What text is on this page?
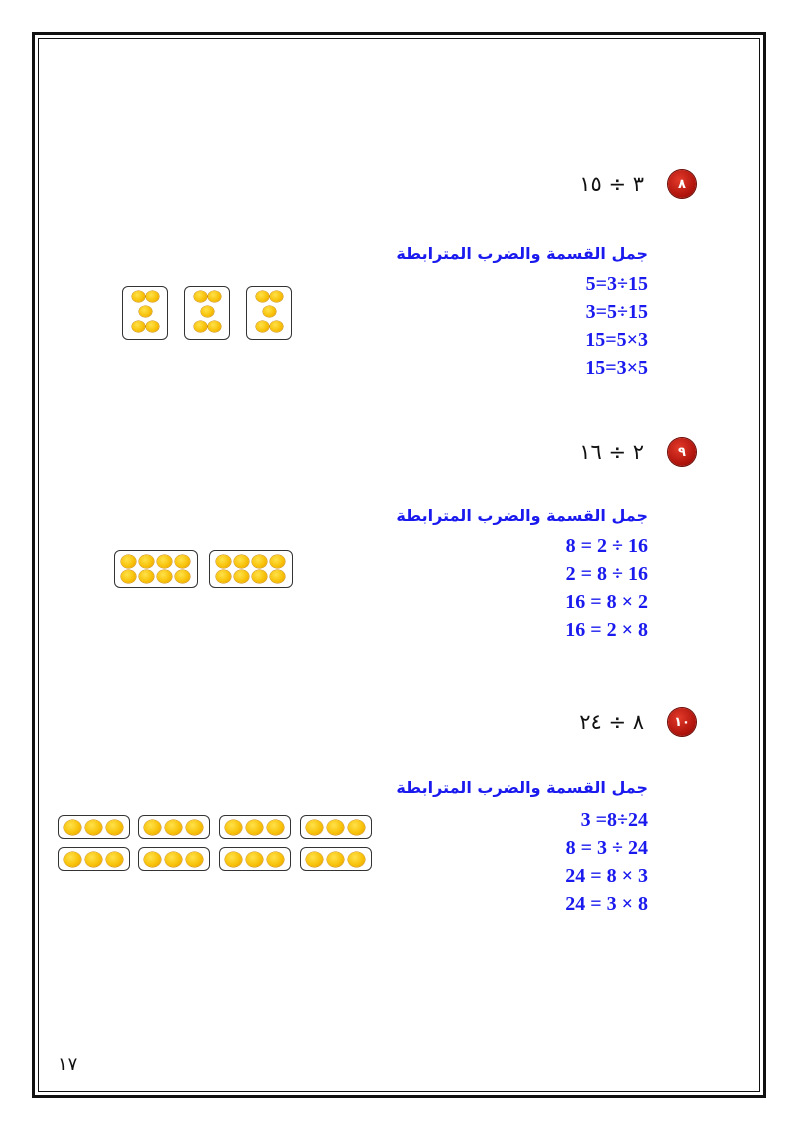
٨
٣ ÷ ١٥
جمل القسمة والضرب المترابطة
5=3÷15
3=5÷15
15=5×3
15=3×5
٩
٢ ÷ ١٦
جمل القسمة والضرب المترابطة
8 = 2 ÷ 16
2 = 8 ÷ 16
16 = 8 × 2
16 = 2 × 8
١٠
٨ ÷ ٢٤
جمل القسمة والضرب المترابطة
3 =8÷24
8 = 3 ÷ 24
24 = 8 × 3
24 = 3 × 8
١٧
